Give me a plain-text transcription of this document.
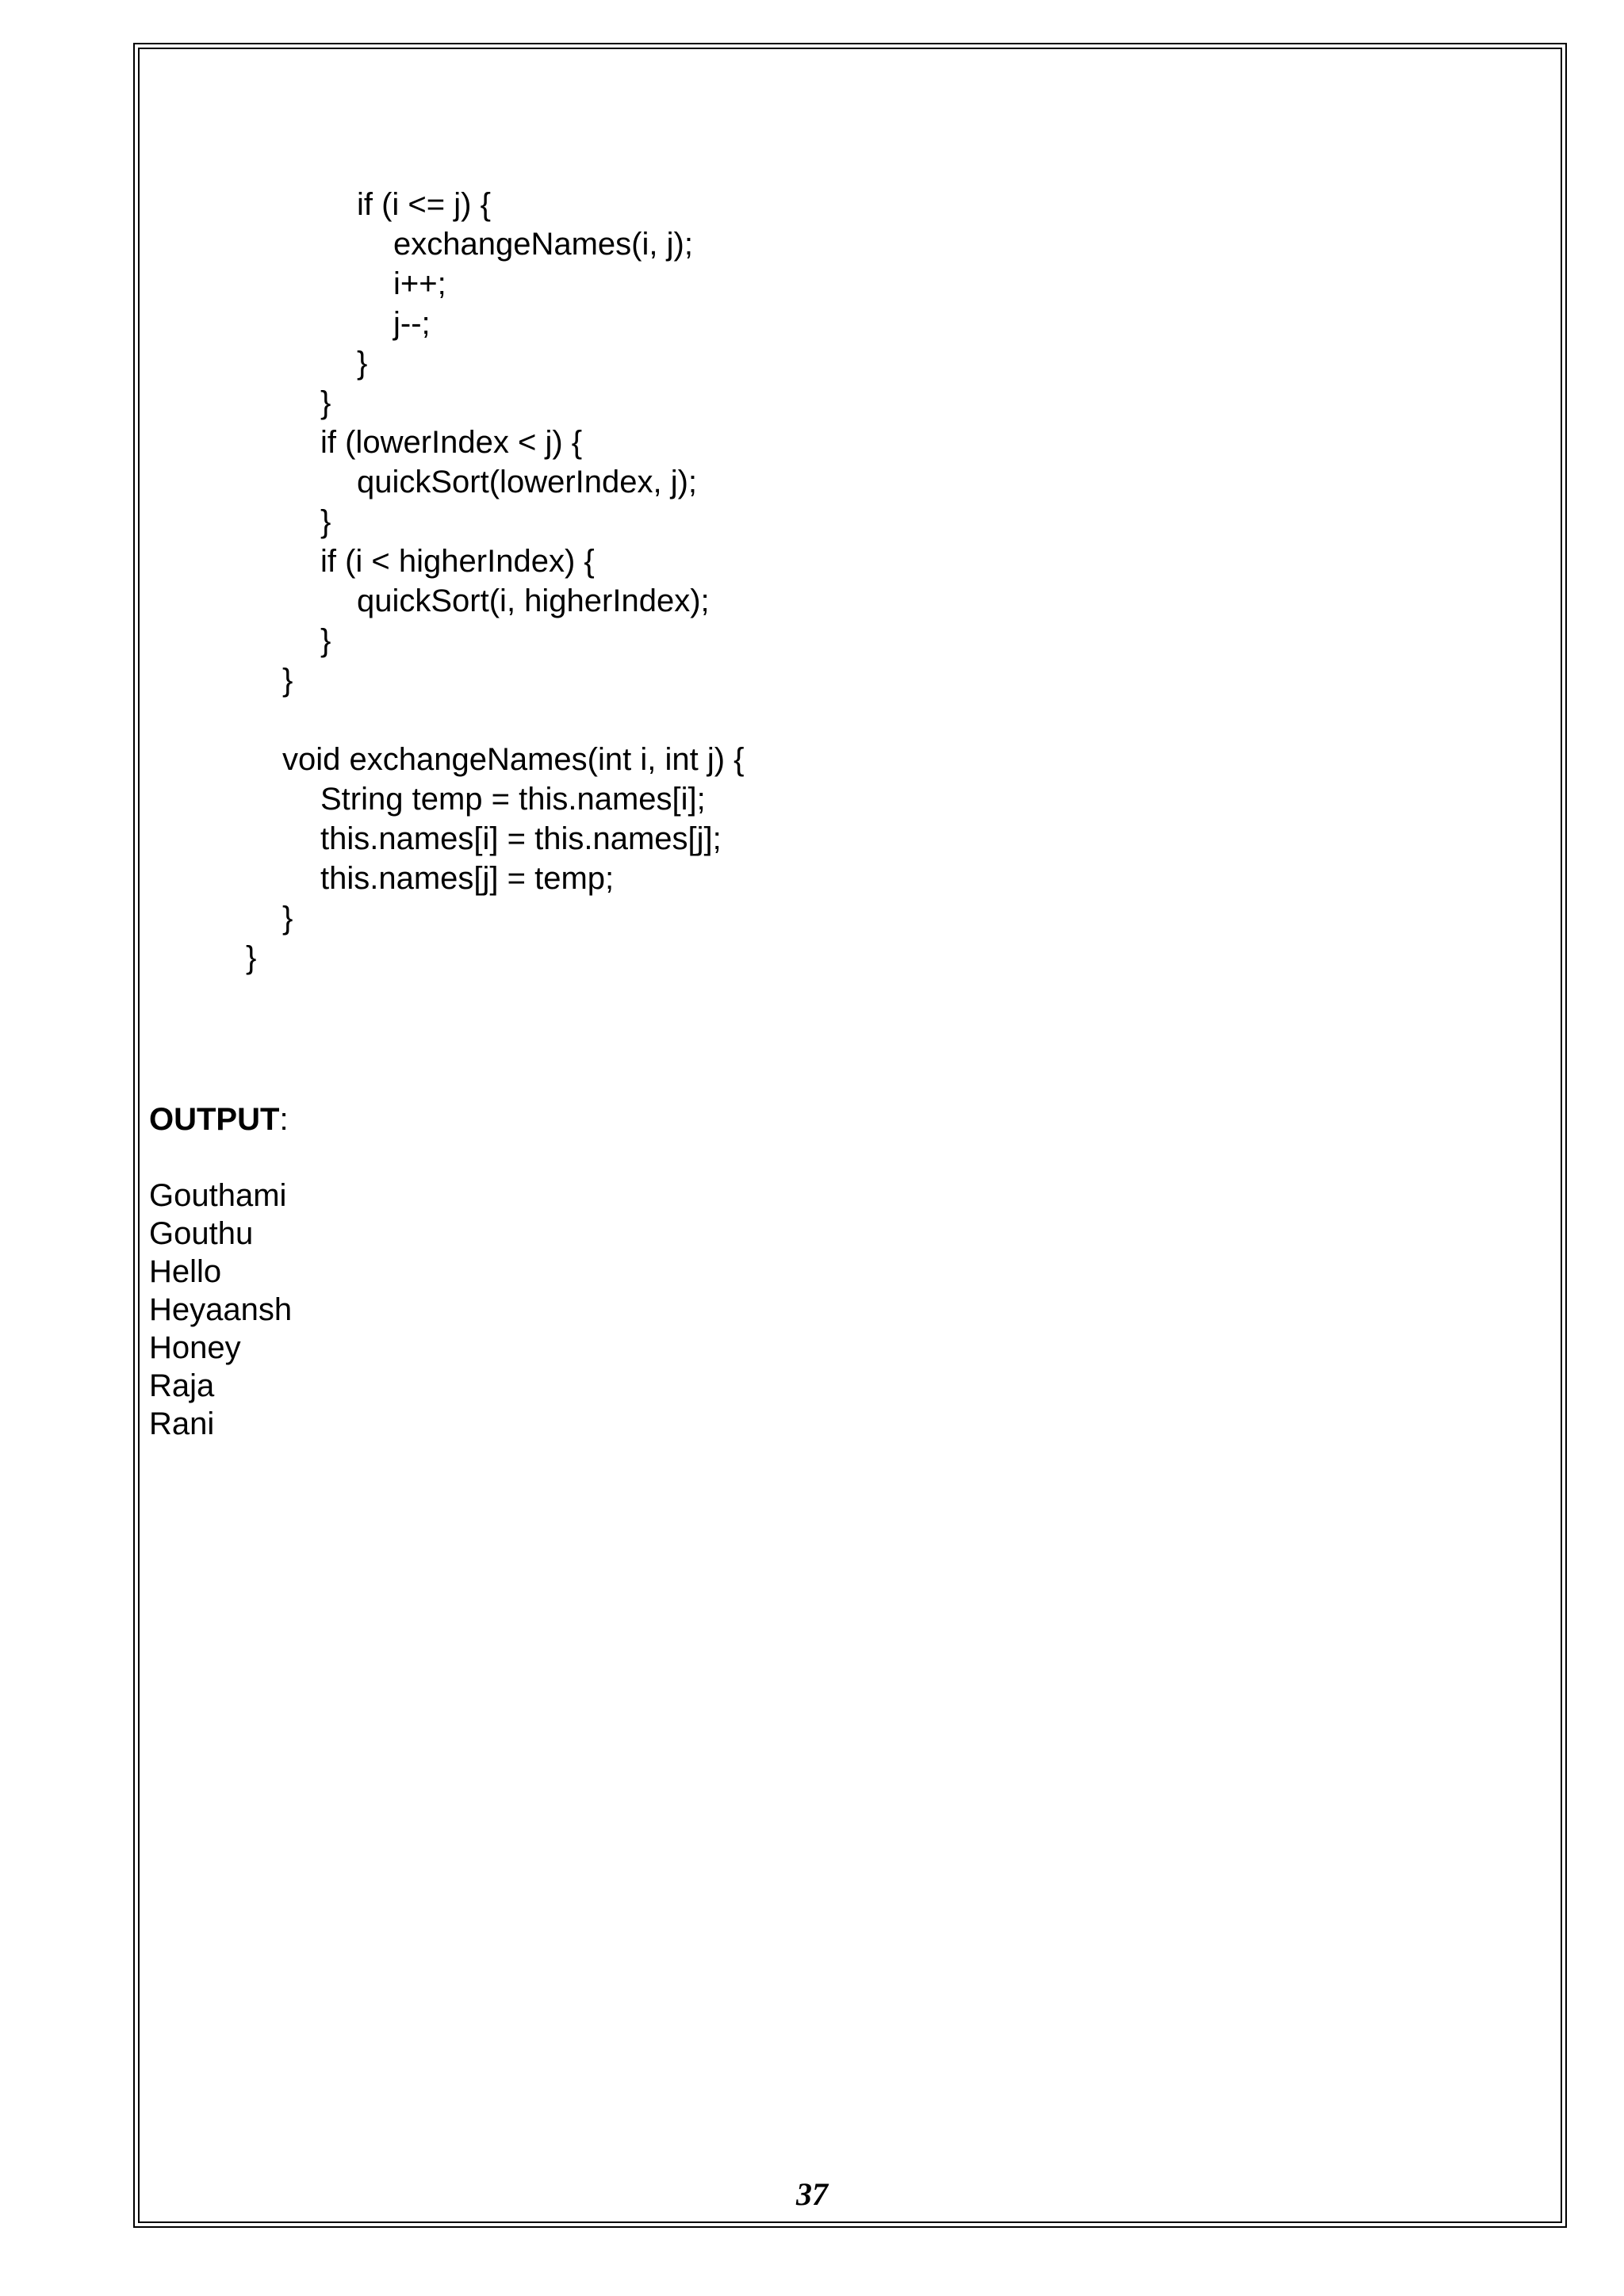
if (i <= j) {
exchangeNames(i, j);
i++;
j--;
}
}
if (lowerIndex < j) {
quickSort(lowerIndex, j);
}
if (i < higherIndex) {
quickSort(i, higherIndex);
}
}
void exchangeNames(int i, int j) {
String temp = this.names[i];
this.names[i] = this.names[j];
this.names[j] = temp;
}
}
OUTPUT:
Gouthami
Gouthu
Hello
Heyaansh
Honey
Raja
Rani
37
